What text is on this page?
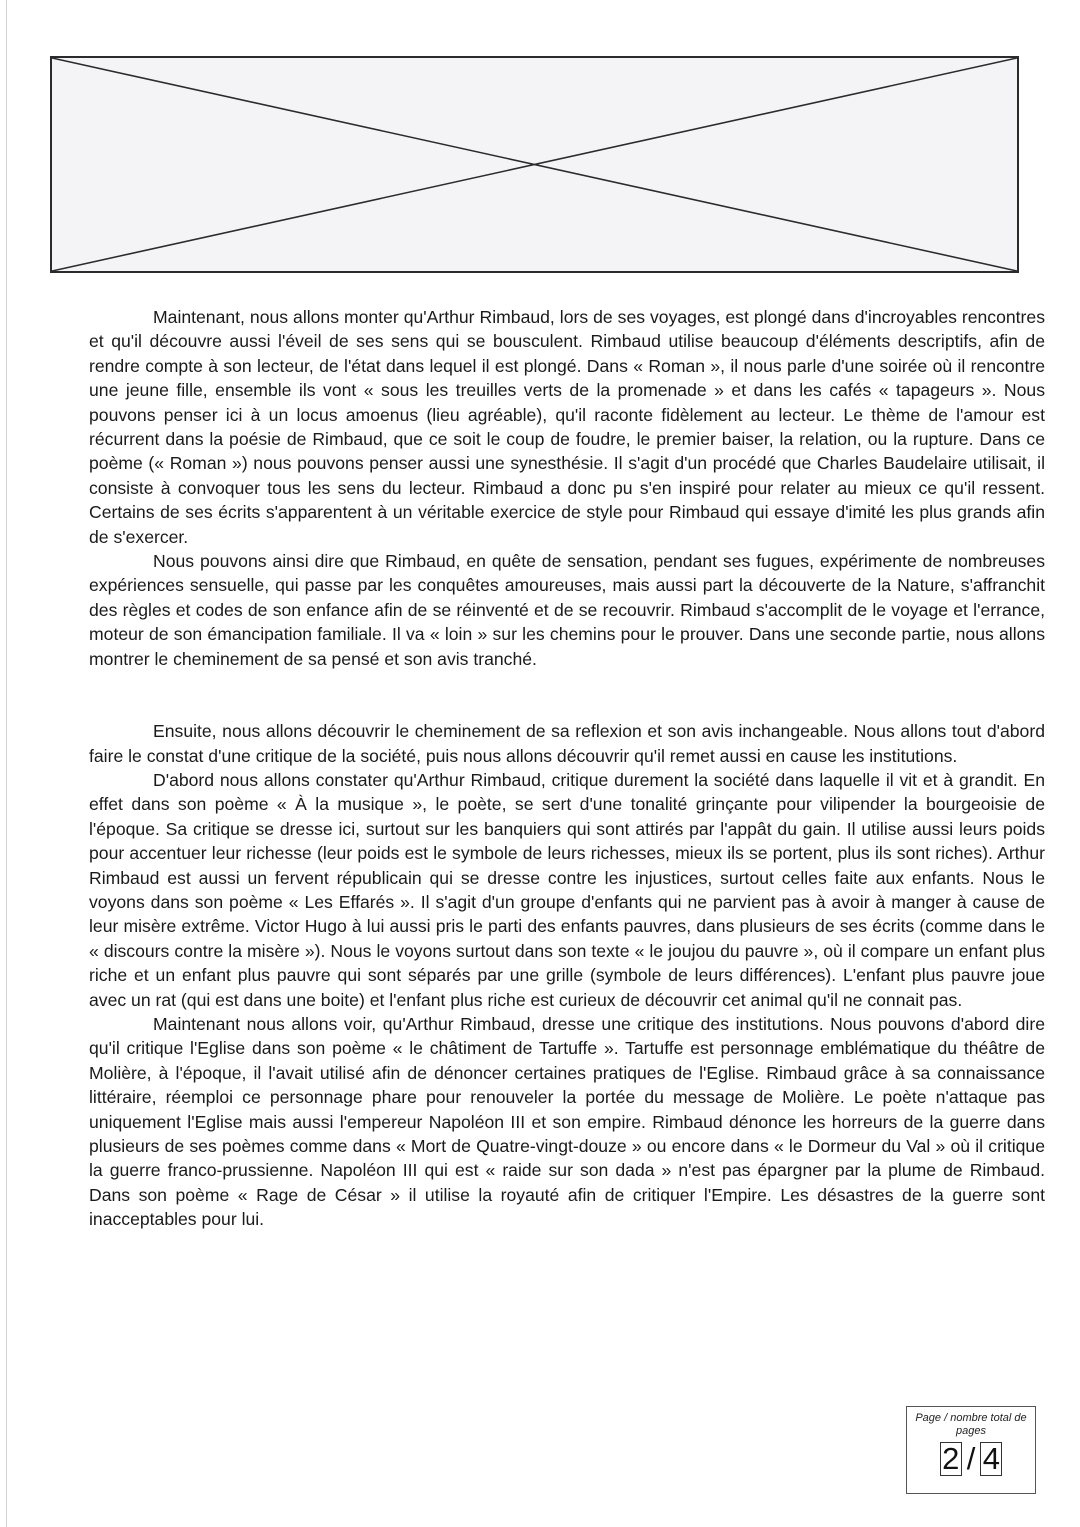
Maintenant, nous allons monter qu'Arthur Rimbaud, lors de ses voyages, est plongé dans d'incroyables rencontres et qu'il découvre aussi l'éveil de ses sens qui se bousculent. Rimbaud utilise beaucoup d'éléments descriptifs, afin de rendre compte à son lecteur, de l'état dans lequel il est plongé. Dans « Roman », il nous parle d'une soirée où il rencontre une jeune fille, ensemble ils vont « sous les treuilles verts de la promenade » et dans les cafés « tapageurs ». Nous pouvons penser ici à un locus amoenus (lieu agréable), qu'il raconte fidèlement au lecteur. Le thème de l'amour est récurrent dans la poésie de Rimbaud, que ce soit le coup de foudre, le premier baiser, la relation, ou la rupture. Dans ce poème (« Roman ») nous pouvons penser aussi une synesthésie. Il s'agit d'un procédé que Charles Baudelaire utilisait, il consiste à convoquer tous les sens du lecteur. Rimbaud a donc pu s'en inspiré pour relater au mieux ce qu'il ressent. Certains de ses écrits s'apparentent à un véritable exercice de style pour Rimbaud qui essaye d'imité les plus grands afin de s'exercer.

Nous pouvons ainsi dire que Rimbaud, en quête de sensation, pendant ses fugues, expérimente de nombreuses expériences sensuelle, qui passe par les conquêtes amoureuses, mais aussi part la découverte de la Nature, s'affranchit des règles et codes de son enfance afin de se réinventé et de se recouvrir. Rimbaud s'accomplit de le voyage et l'errance, moteur de son émancipation familiale. Il va « loin » sur les chemins pour le prouver. Dans une seconde partie, nous allons montrer le cheminement de sa pensé et son avis tranché.

Ensuite, nous allons découvrir le cheminement de sa reflexion et son avis inchangeable. Nous allons tout d'abord faire le constat d'une critique de la société, puis nous allons découvrir qu'il remet aussi en cause les institutions.

D'abord nous allons constater qu'Arthur Rimbaud, critique durement la société dans laquelle il vit et à grandit. En effet dans son poème « À la musique », le poète, se sert d'une tonalité grinçante pour vilipender la bourgeoisie de l'époque. Sa critique se dresse ici, surtout sur les banquiers qui sont attirés par l'appât du gain. Il utilise aussi leurs poids pour accentuer leur richesse (leur poids est le symbole de leurs richesses, mieux ils se portent, plus ils sont riches). Arthur Rimbaud est aussi un fervent républicain qui se dresse contre les injustices, surtout celles faite aux enfants. Nous le voyons dans son poème « Les Effarés ». Il s'agit d'un groupe d'enfants qui ne parvient pas à avoir à manger à cause de leur misère extrême. Victor Hugo à lui aussi pris le parti des enfants pauvres, dans plusieurs de ses écrits (comme dans le « discours contre la misère »). Nous le voyons surtout dans son texte « le joujou du pauvre », où il compare un enfant plus riche et un enfant plus pauvre qui sont séparés par une grille (symbole de leurs différences). L'enfant plus pauvre joue avec un rat (qui est dans une boite) et l'enfant plus riche est curieux de découvrir cet animal qu'il ne connait pas.

Maintenant nous allons voir, qu'Arthur Rimbaud, dresse une critique des institutions. Nous pouvons d'abord dire qu'il critique l'Eglise dans son poème « le châtiment de Tartuffe ». Tartuffe est personnage emblématique du théâtre de Molière, à l'époque, il l'avait utilisé afin de dénoncer certaines pratiques de l'Eglise. Rimbaud grâce à sa connaissance littéraire, réemploi ce personnage phare pour renouveler la portée du message de Molière. Le poète n'attaque pas uniquement l'Eglise mais aussi l'empereur Napoléon III et son empire. Rimbaud dénonce les horreurs de la guerre dans plusieurs de ses poèmes comme dans « Mort de Quatre-vingt-douze » ou encore dans « le Dormeur du Val » où il critique la guerre franco-prussienne. Napoléon III qui est « raide sur son dada » n'est pas épargner par la plume de Rimbaud. Dans son poème « Rage de César » il utilise la royauté afin de critiquer l'Empire. Les désastres de la guerre sont inacceptables pour lui.

Page / nombre total de pages
2 / 4
